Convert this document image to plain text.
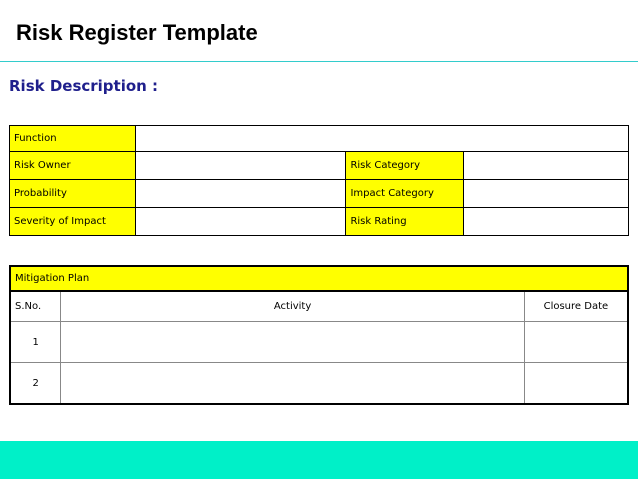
Risk Register Template
Risk Description :
Function			
Risk Owner		Risk Category	
Probability		Impact Category	
Severity of Impact		Risk Rating	
Mitigation Plan		
S.No.	Activity	Closure Date
1		
2		
